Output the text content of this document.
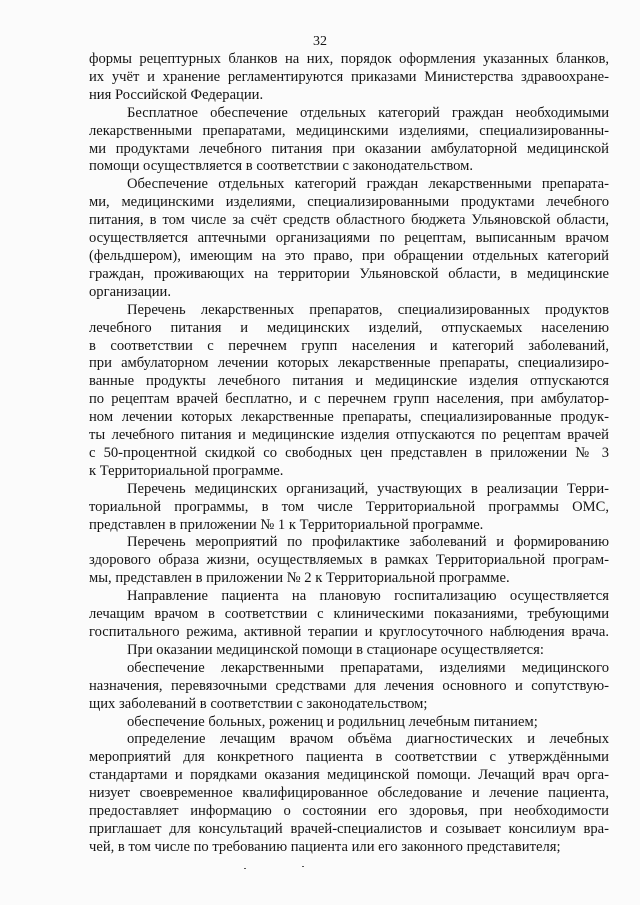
32
формы рецептурных бланков на них, порядок оформления указанных бланков,
их учёт и хранение регламентируются приказами Министерства здравоохране-
ния Российской Федерации.
Бесплатное обеспечение отдельных категорий граждан необходимыми
лекарственными препаратами, медицинскими изделиями, специализированны-
ми продуктами лечебного питания при оказании амбулаторной медицинской
помощи осуществляется в соответствии с законодательством.
Обеспечение отдельных категорий граждан лекарственными препарата-
ми, медицинскими изделиями, специализированными продуктами лечебного
питания, в том числе за счёт средств областного бюджета Ульяновской области,
осуществляется аптечными организациями по рецептам, выписанным врачом
(фельдшером), имеющим на это право, при обращении отдельных категорий
граждан, проживающих на территории Ульяновской области, в медицинские
организации.
Перечень лекарственных препаратов, специализированных продуктов
лечебного питания и медицинских изделий, отпускаемых населению
в соответствии с перечнем групп населения и категорий заболеваний,
при амбулаторном лечении которых лекарственные препараты, специализиро-
ванные продукты лечебного питания и медицинские изделия отпускаются
по рецептам врачей бесплатно, и с перечнем групп населения, при амбулатор-
ном лечении которых лекарственные препараты, специализированные продук-
ты лечебного питания и медицинские изделия отпускаются по рецептам врачей
с 50-процентной скидкой со свободных цен представлен в приложении № 3
к Территориальной программе.
Перечень медицинских организаций, участвующих в реализации Терри-
ториальной программы, в том числе Территориальной программы ОМС,
представлен в приложении № 1 к Территориальной программе.
Перечень мероприятий по профилактике заболеваний и формированию
здорового образа жизни, осуществляемых в рамках Территориальной програм-
мы, представлен в приложении № 2 к Территориальной программе.
Направление пациента на плановую госпитализацию осуществляется
лечащим врачом в соответствии с клиническими показаниями, требующими
госпитального режима, активной терапии и круглосуточного наблюдения врача.
При оказании медицинской помощи в стационаре осуществляется:
обеспечение лекарственными препаратами, изделиями медицинского
назначения, перевязочными средствами для лечения основного и сопутствую-
щих заболеваний в соответствии с законодательством;
обеспечение больных, рожениц и родильниц лечебным питанием;
определение лечащим врачом объёма диагностических и лечебных
мероприятий для конкретного пациента в соответствии с утверждёнными
стандартами и порядками оказания медицинской помощи. Лечащий врач орга-
низует своевременное квалифицированное обследование и лечение пациента,
предоставляет информацию о состоянии его здоровья, при необходимости
приглашает для консультаций врачей-специалистов и созывает консилиум вра-
чей, в том числе по требованию пациента или его законного представителя;
